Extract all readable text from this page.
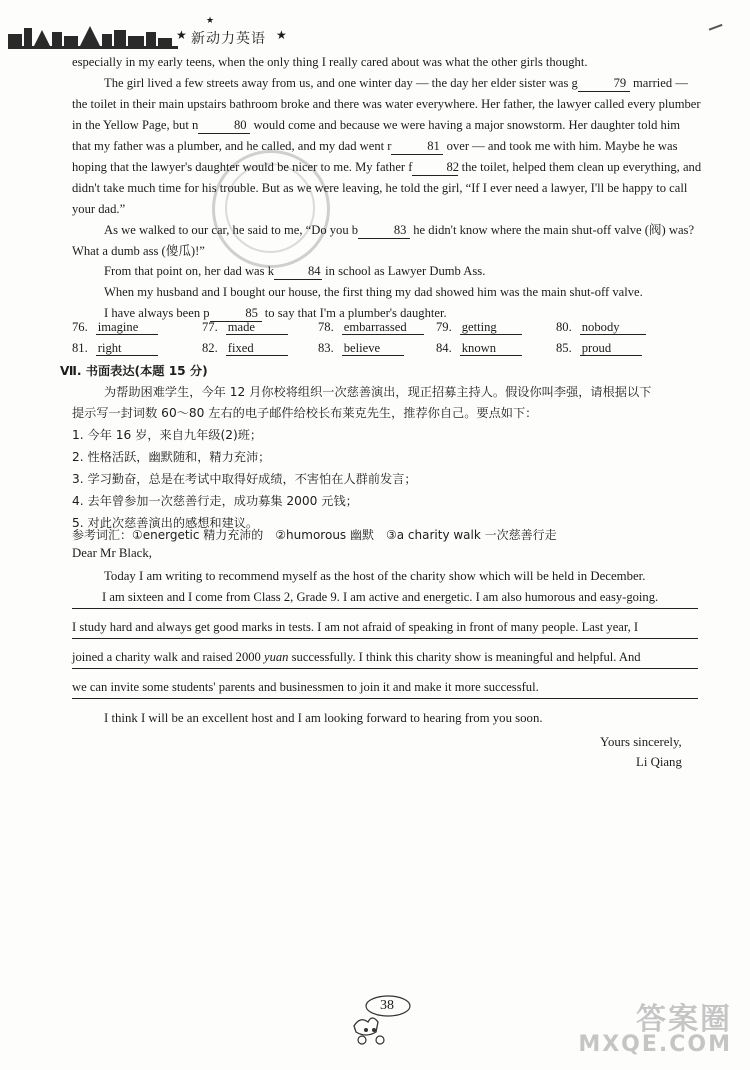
★ 新动力英语 ★
★

especially in my early teens, when the only thing I really cared about was what the other girls thought.

The girl lived a few streets away from us, and one winter day — the day her elder sister was g	79 married — the toilet in their main upstairs bathroom broke and there was water everywhere. Her father, the lawyer called every plumber in the Yellow Page, but n	80 would come and because we were having a major snowstorm. Her daughter told him that my father was a plumber, and he called, and my dad went r	81 over — and took me with him. Maybe he was hoping that the lawyer's daughter would be nicer to me. My father f	82 the toilet, helped them clean up everything, and didn't take much time for his trouble. But as we were leaving, he told the girl, “If I ever need a lawyer, I'll be happy to call your dad.”

As we walked to our car, he said to me, “Do you b	83 he didn't know where the main shut-off valve (阀) was? What a dumb ass (傻瓜)!”

From that point on, her dad was k	84 in school as Lawyer Dumb Ass.

When my husband and I bought our house, the first thing my dad showed him was the main shut-off valve.

I have always been p	85 to say that I'm a plumber's daughter.

76. imagine	77. made	78. embarrassed	79. getting	80. nobody
81. right	82. fixed	83. believe	84. known	85. proud
Ⅶ. 书面表达(本题 15 分)
为帮助困难学生，今年 12 月你校将组织一次慈善演出，现正招募主持人。假设你叫李强，请根据以下
提示写一封词数 60～80 左右的电子邮件给校长布莱克先生，推荐你自己。要点如下：
1. 今年 16 岁，来自九年级(2)班；
2. 性格活跃，幽默随和，精力充沛；
3. 学习勤奋，总是在考试中取得好成绩，不害怕在人群前发言；
4. 去年曾参加一次慈善行走，成功募集 2000 元钱；
5. 对此次慈善演出的感想和建议。
参考词汇：①energetic 精力充沛的　②humorous 幽默　③a charity walk 一次慈善行走
Dear Mr Black,
Today I am writing to recommend myself as the host of the charity show which will be held in December.
I am sixteen and I come from Class 2, Grade 9. I am active and energetic. I am also humorous and easy-going.
I study hard and always get good marks in tests. I am not afraid of speaking in front of many people. Last year, I
joined a charity walk and raised 2000 yuan successfully. I think this charity show is meaningful and helpful. And
we can invite some students' parents and businessmen to join it and make it more successful.
I think I will be an excellent host and I am looking forward to hearing from you soon.
Yours sincerely,
Li Qiang
38	答案圈
MXQE.COM
